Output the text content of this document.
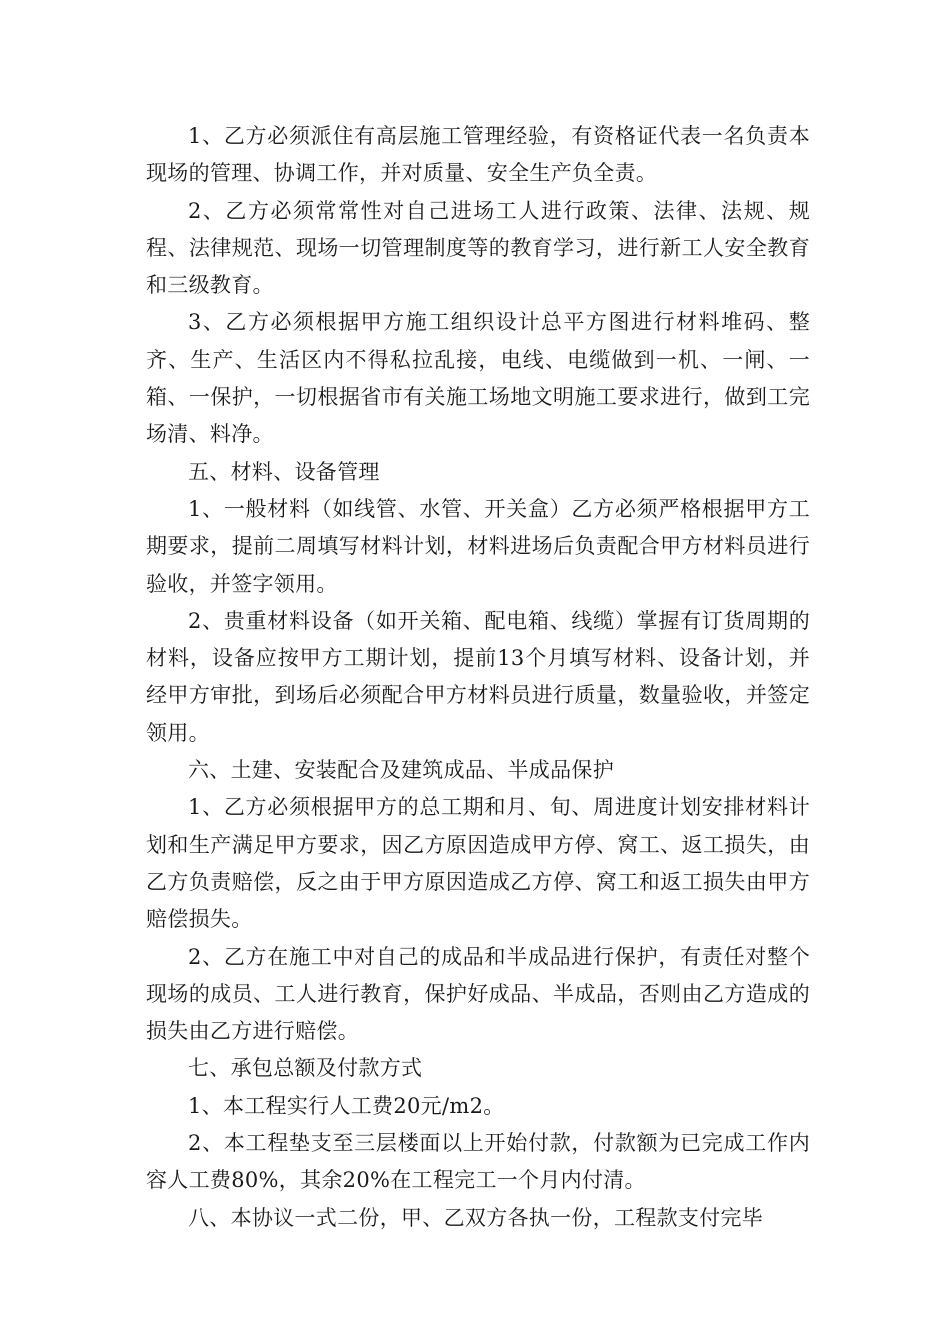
1、乙方必须派住有高层施工管理经验，有资格证代表一名负责本现场的管理、协调工作，并对质量、安全生产负全责。

2、乙方必须常常性对自己进场工人进行政策、法律、法规、规程、法律规范、现场一切管理制度等的教育学习，进行新工人安全教育和三级教育。

3、乙方必须根据甲方施工组织设计总平方图进行材料堆码、整齐、生产、生活区内不得私拉乱接，电线、电缆做到一机、一闸、一箱、一保护，一切根据省市有关施工场地文明施工要求进行，做到工完场清、料净。

五、材料、设备管理

1、一般材料（如线管、水管、开关盒）乙方必须严格根据甲方工期要求，提前二周填写材料计划，材料进场后负责配合甲方材料员进行验收，并签字领用。

2、贵重材料设备（如开关箱、配电箱、线缆）掌握有订货周期的材料，设备应按甲方工期计划，提前13个月填写材料、设备计划，并经甲方审批，到场后必须配合甲方材料员进行质量，数量验收，并签定领用。

六、土建、安装配合及建筑成品、半成品保护

1、乙方必须根据甲方的总工期和月、旬、周进度计划安排材料计划和生产满足甲方要求，因乙方原因造成甲方停、窝工、返工损失，由乙方负责赔偿，反之由于甲方原因造成乙方停、窝工和返工损失由甲方赔偿损失。

2、乙方在施工中对自己的成品和半成品进行保护，有责任对整个现场的成员、工人进行教育，保护好成品、半成品，否则由乙方造成的损失由乙方进行赔偿。

七、承包总额及付款方式

1、本工程实行人工费20元/m2。

2、本工程垫支至三层楼面以上开始付款，付款额为已完成工作内容人工费80%，其余20%在工程完工一个月内付清。

八、本协议一式二份，甲、乙双方各执一份，工程款支付完毕
